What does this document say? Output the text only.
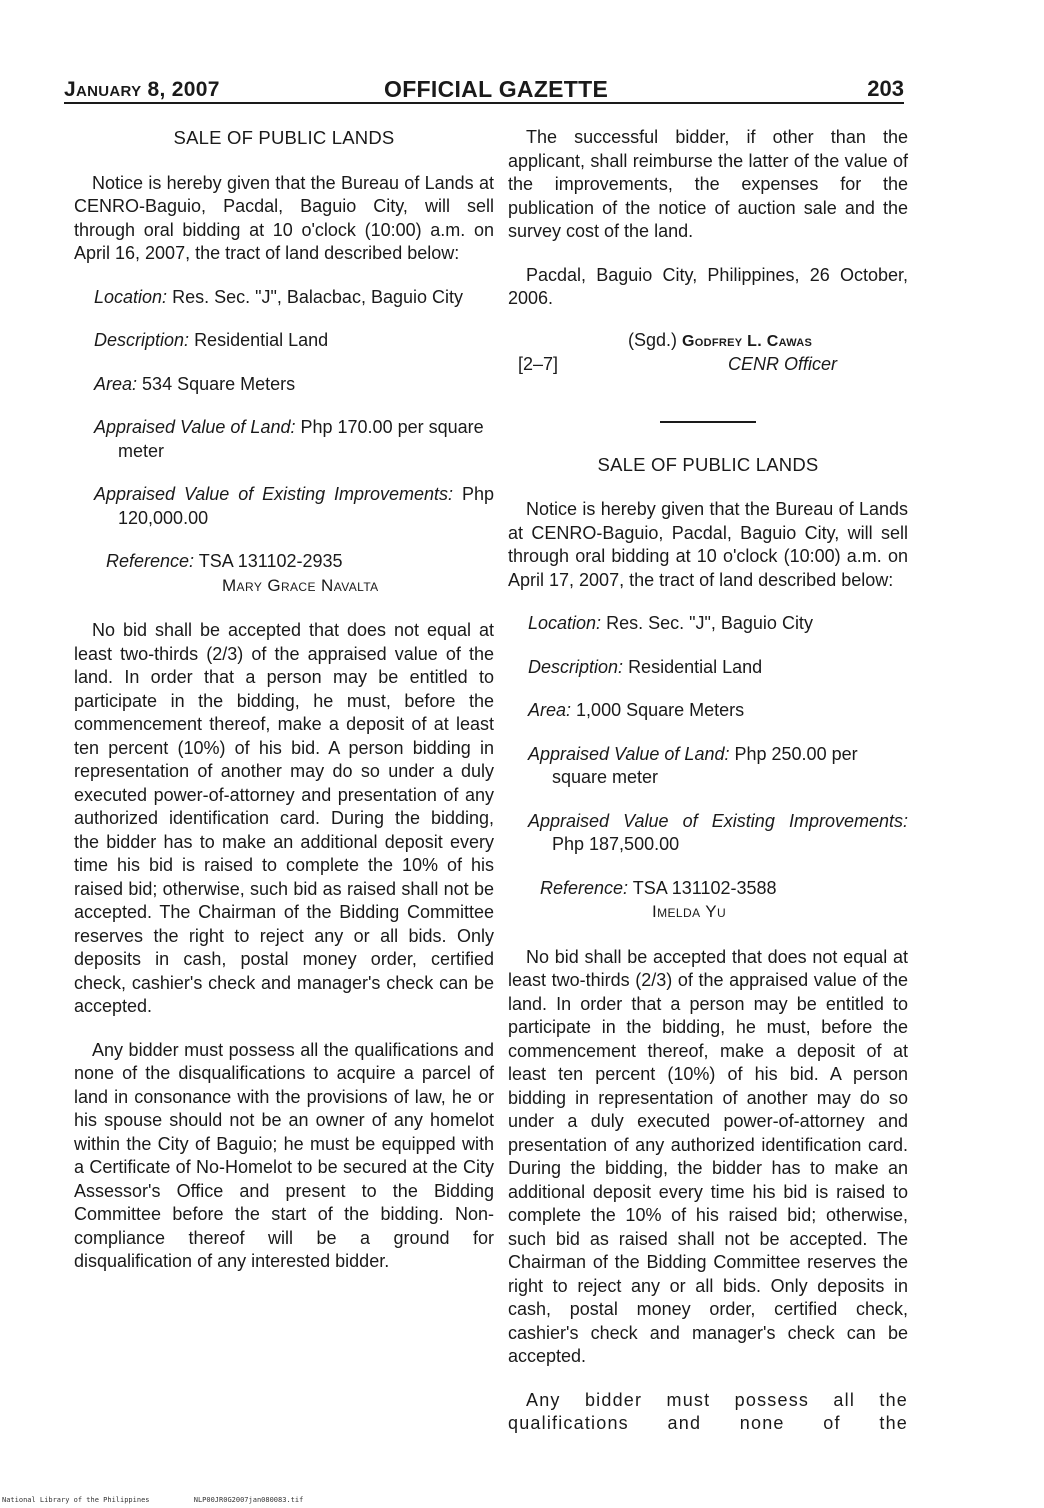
January 8, 2007	OFFICIAL GAZETTE	203
SALE OF PUBLIC LANDS

Notice is hereby given that the Bureau of Lands at CENRO-Baguio, Pacdal, Baguio City, will sell through oral bidding at 10 o'clock (10:00) a.m. on April 16, 2007, the tract of land described below:

Location: Res. Sec. "J", Balacbac, Baguio City
Description: Residential Land
Area: 534 Square Meters
Appraised Value of Land: Php 170.00 per square meter
Appraised Value of Existing Improvements: Php 120,000.00
Reference: TSA 131102-2935
Mary Grace Navalta

No bid shall be accepted that does not equal at least two-thirds (2/3) of the appraised value of the land. In order that a person may be entitled to participate in the bidding, he must, before the commencement thereof, make a deposit of at least ten percent (10%) of his bid. A person bidding in representation of another may do so under a duly executed power-of-attorney and presentation of any authorized identification card. During the bidding, the bidder has to make an additional deposit every time his bid is raised to complete the 10% of his raised bid; otherwise, such bid as raised shall not be accepted. The Chairman of the Bidding Committee reserves the right to reject any or all bids. Only deposits in cash, postal money order, certified check, cashier's check and manager's check can be accepted.

Any bidder must possess all the qualifications and none of the disqualifications to acquire a parcel of land in consonance with the provisions of law, he or his spouse should not be an owner of any homelot within the City of Baguio; he must be equipped with a Certificate of No-Homelot to be secured at the City Assessor's Office and present to the Bidding Committee before the start of the bidding. Non-compliance thereof will be a ground for disqualification of any interested bidder.

The successful bidder, if other than the applicant, shall reimburse the latter of the value of the improvements, the expenses for the publication of the notice of auction sale and the survey cost of the land.

Pacdal, Baguio City, Philippines, 26 October, 2006.

(Sgd.) Godfrey L. Cawas
[2–7]	CENR Officer
SALE OF PUBLIC LANDS

Notice is hereby given that the Bureau of Lands at CENRO-Baguio, Pacdal, Baguio City, will sell through oral bidding at 10 o'clock (10:00) a.m. on April 17, 2007, the tract of land described below:

Location: Res. Sec. "J", Baguio City
Description: Residential Land
Area: 1,000 Square Meters
Appraised Value of Land: Php 250.00 per square meter
Appraised Value of Existing Improvements: Php 187,500.00
Reference: TSA 131102-3588
Imelda Yu

No bid shall be accepted that does not equal at least two-thirds (2/3) of the appraised value of the land. In order that a person may be entitled to participate in the bidding, he must, before the commencement thereof, make a deposit of at least ten percent (10%) of his bid. A person bidding in representation of another may do so under a duly executed power-of-attorney and presentation of any authorized identification card. During the bidding, the bidder has to make an additional deposit every time his bid is raised to complete the 10% of his raised bid; otherwise, such bid as raised shall not be accepted. The Chairman of the Bidding Committee reserves the right to reject any or all bids. Only deposits in cash, postal money order, certified check, cashier's check and manager's check can be accepted.

Any bidder must possess all the qualifications and none of the

National Library of the Philippines	NLP00JR0G2007jan080083.tif
